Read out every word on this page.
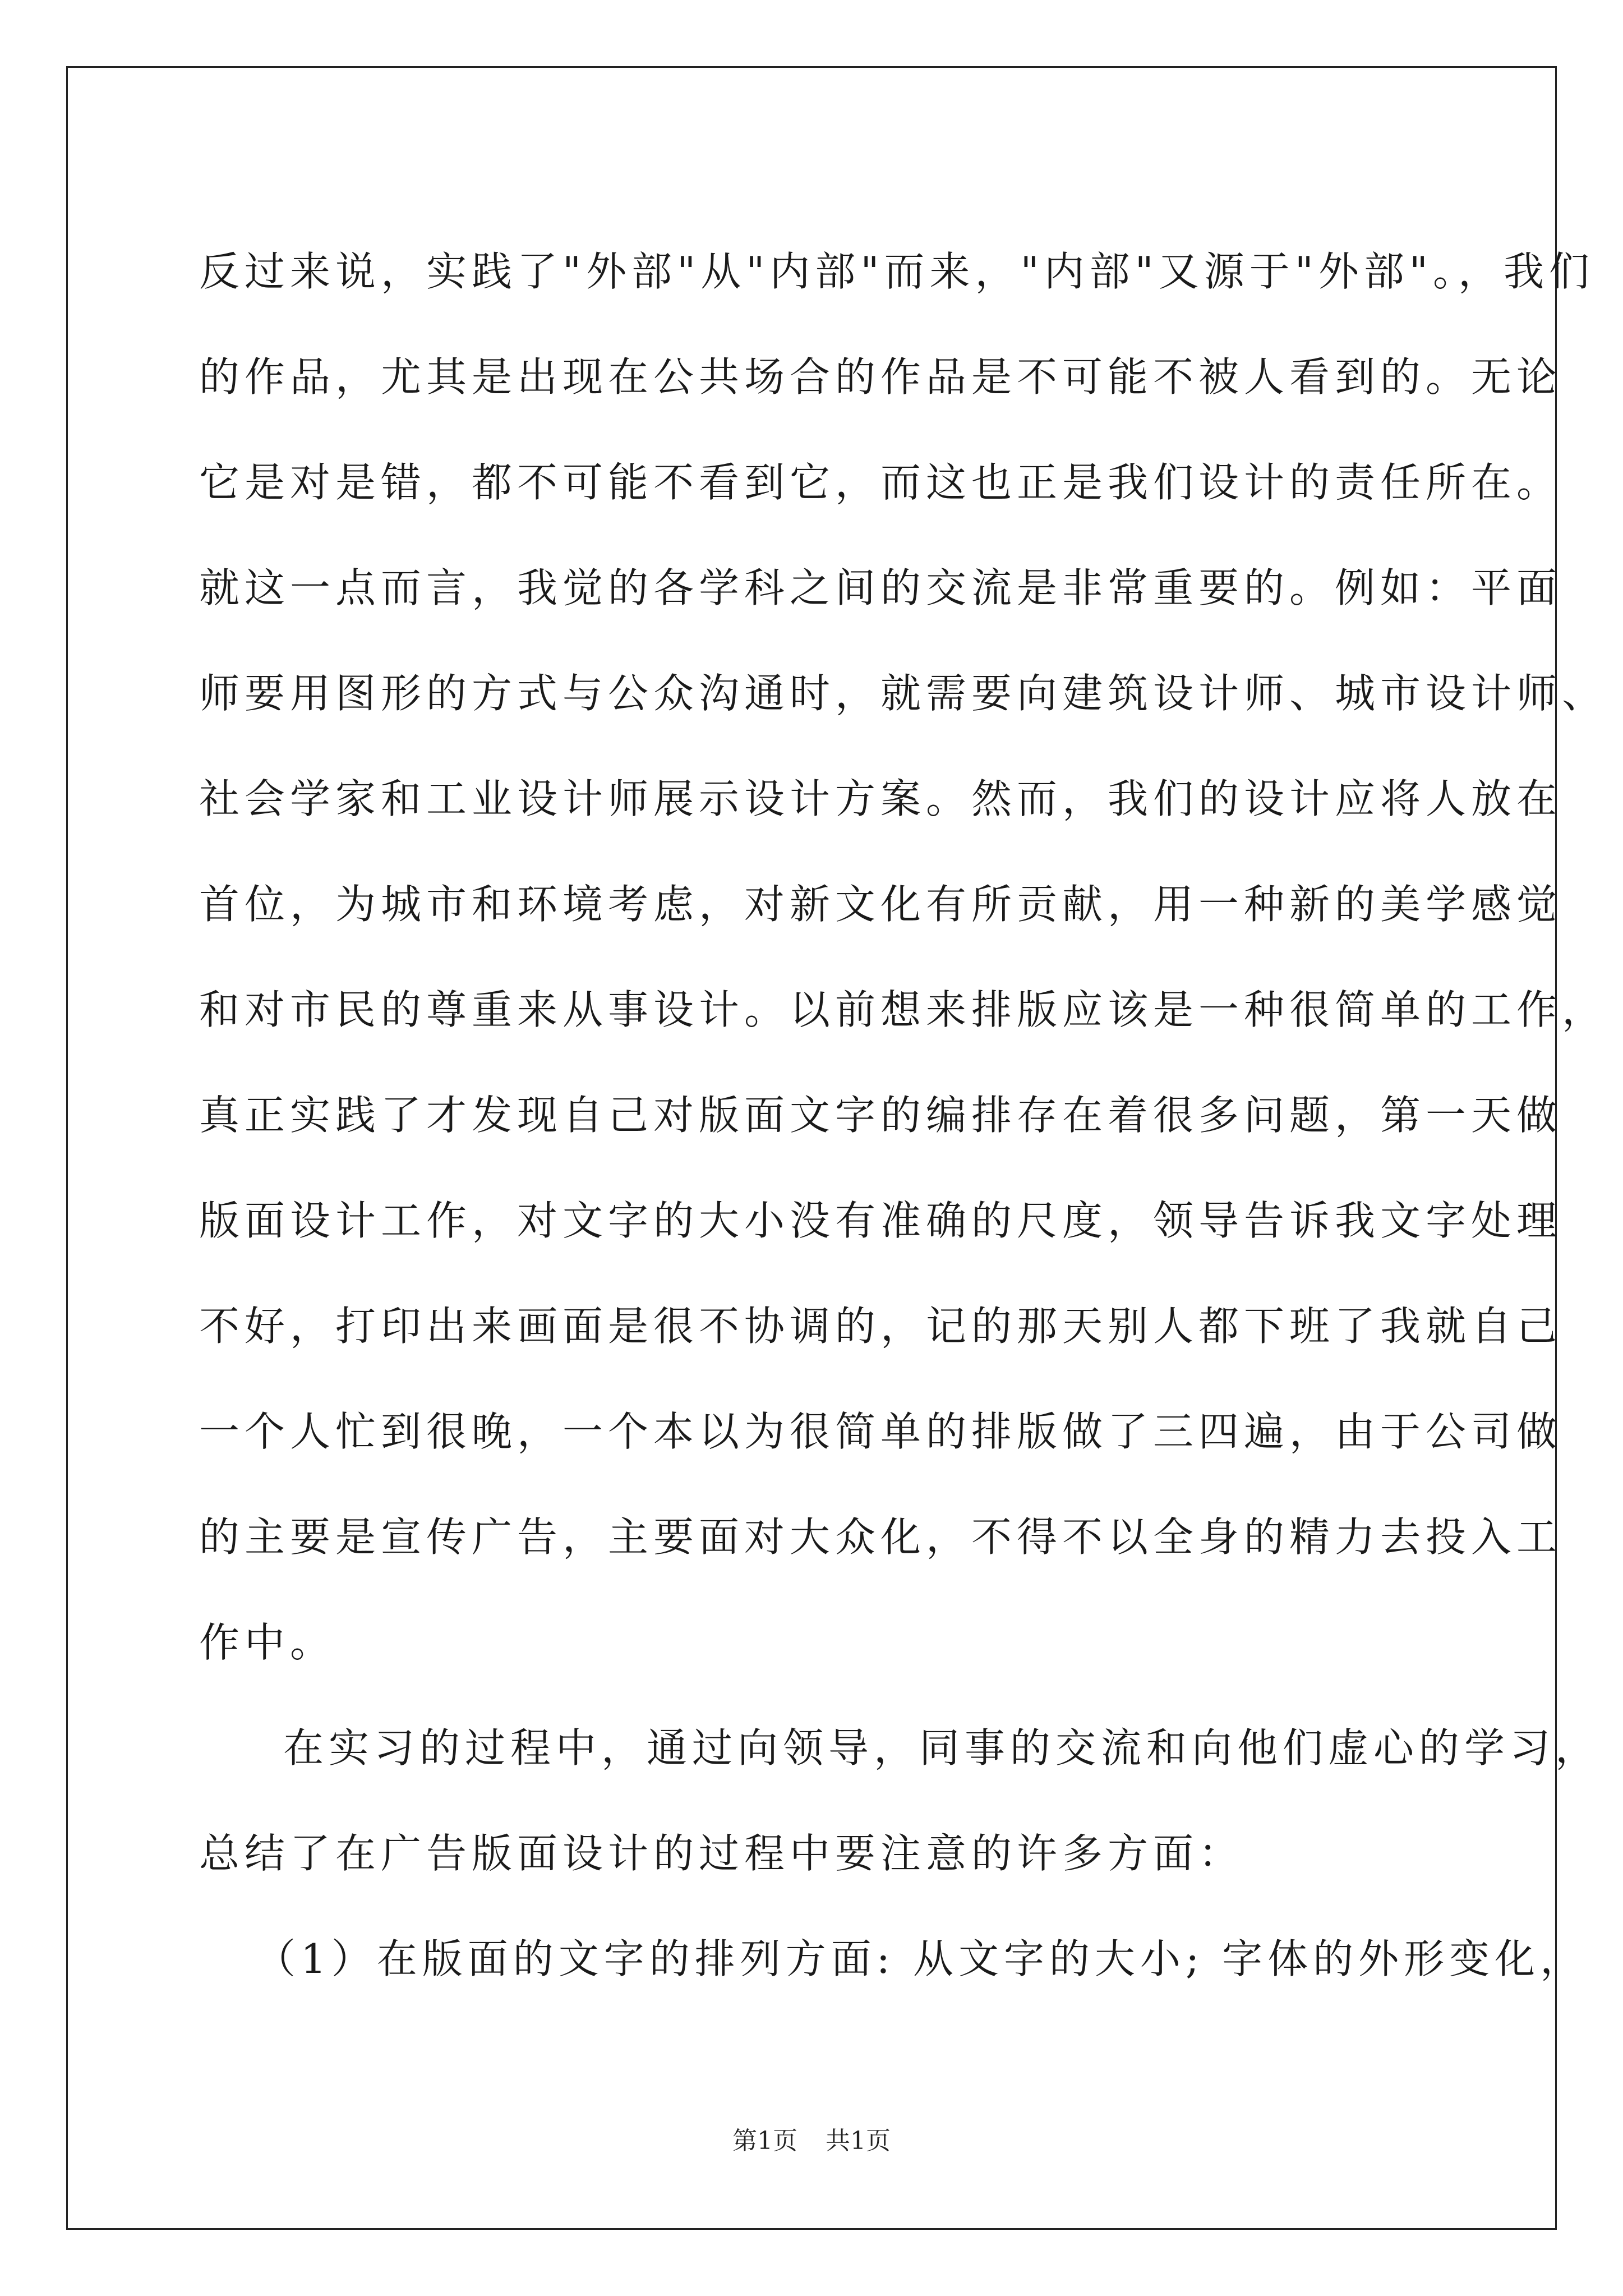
反过来说，实践了"外部"从"内部"而来，"内部"又源于"外部"。，我们
的作品，尤其是出现在公共场合的作品是不可能不被人看到的。无论
它是对是错，都不可能不看到它，而这也正是我们设计的责任所在。
就这一点而言，我觉的各学科之间的交流是非常重要的。例如：平面
师要用图形的方式与公众沟通时，就需要向建筑设计师、城市设计师、
社会学家和工业设计师展示设计方案。然而，我们的设计应将人放在
首位，为城市和环境考虑，对新文化有所贡献，用一种新的美学感觉
和对市民的尊重来从事设计。以前想来排版应该是一种很简单的工作，
真正实践了才发现自己对版面文字的编排存在着很多问题，第一天做
版面设计工作，对文字的大小没有准确的尺度，领导告诉我文字处理
不好，打印出来画面是很不协调的，记的那天别人都下班了我就自己
一个人忙到很晚，一个本以为很简单的排版做了三四遍，由于公司做
的主要是宣传广告，主要面对大众化，不得不以全身的精力去投入工
作中。
在实习的过程中，通过向领导，同事的交流和向他们虚心的学习，
总结了在广告版面设计的过程中要注意的许多方面：
（1）在版面的文字的排列方面: 从文字的大小; 字体的外形变化，
第1页 共1页
